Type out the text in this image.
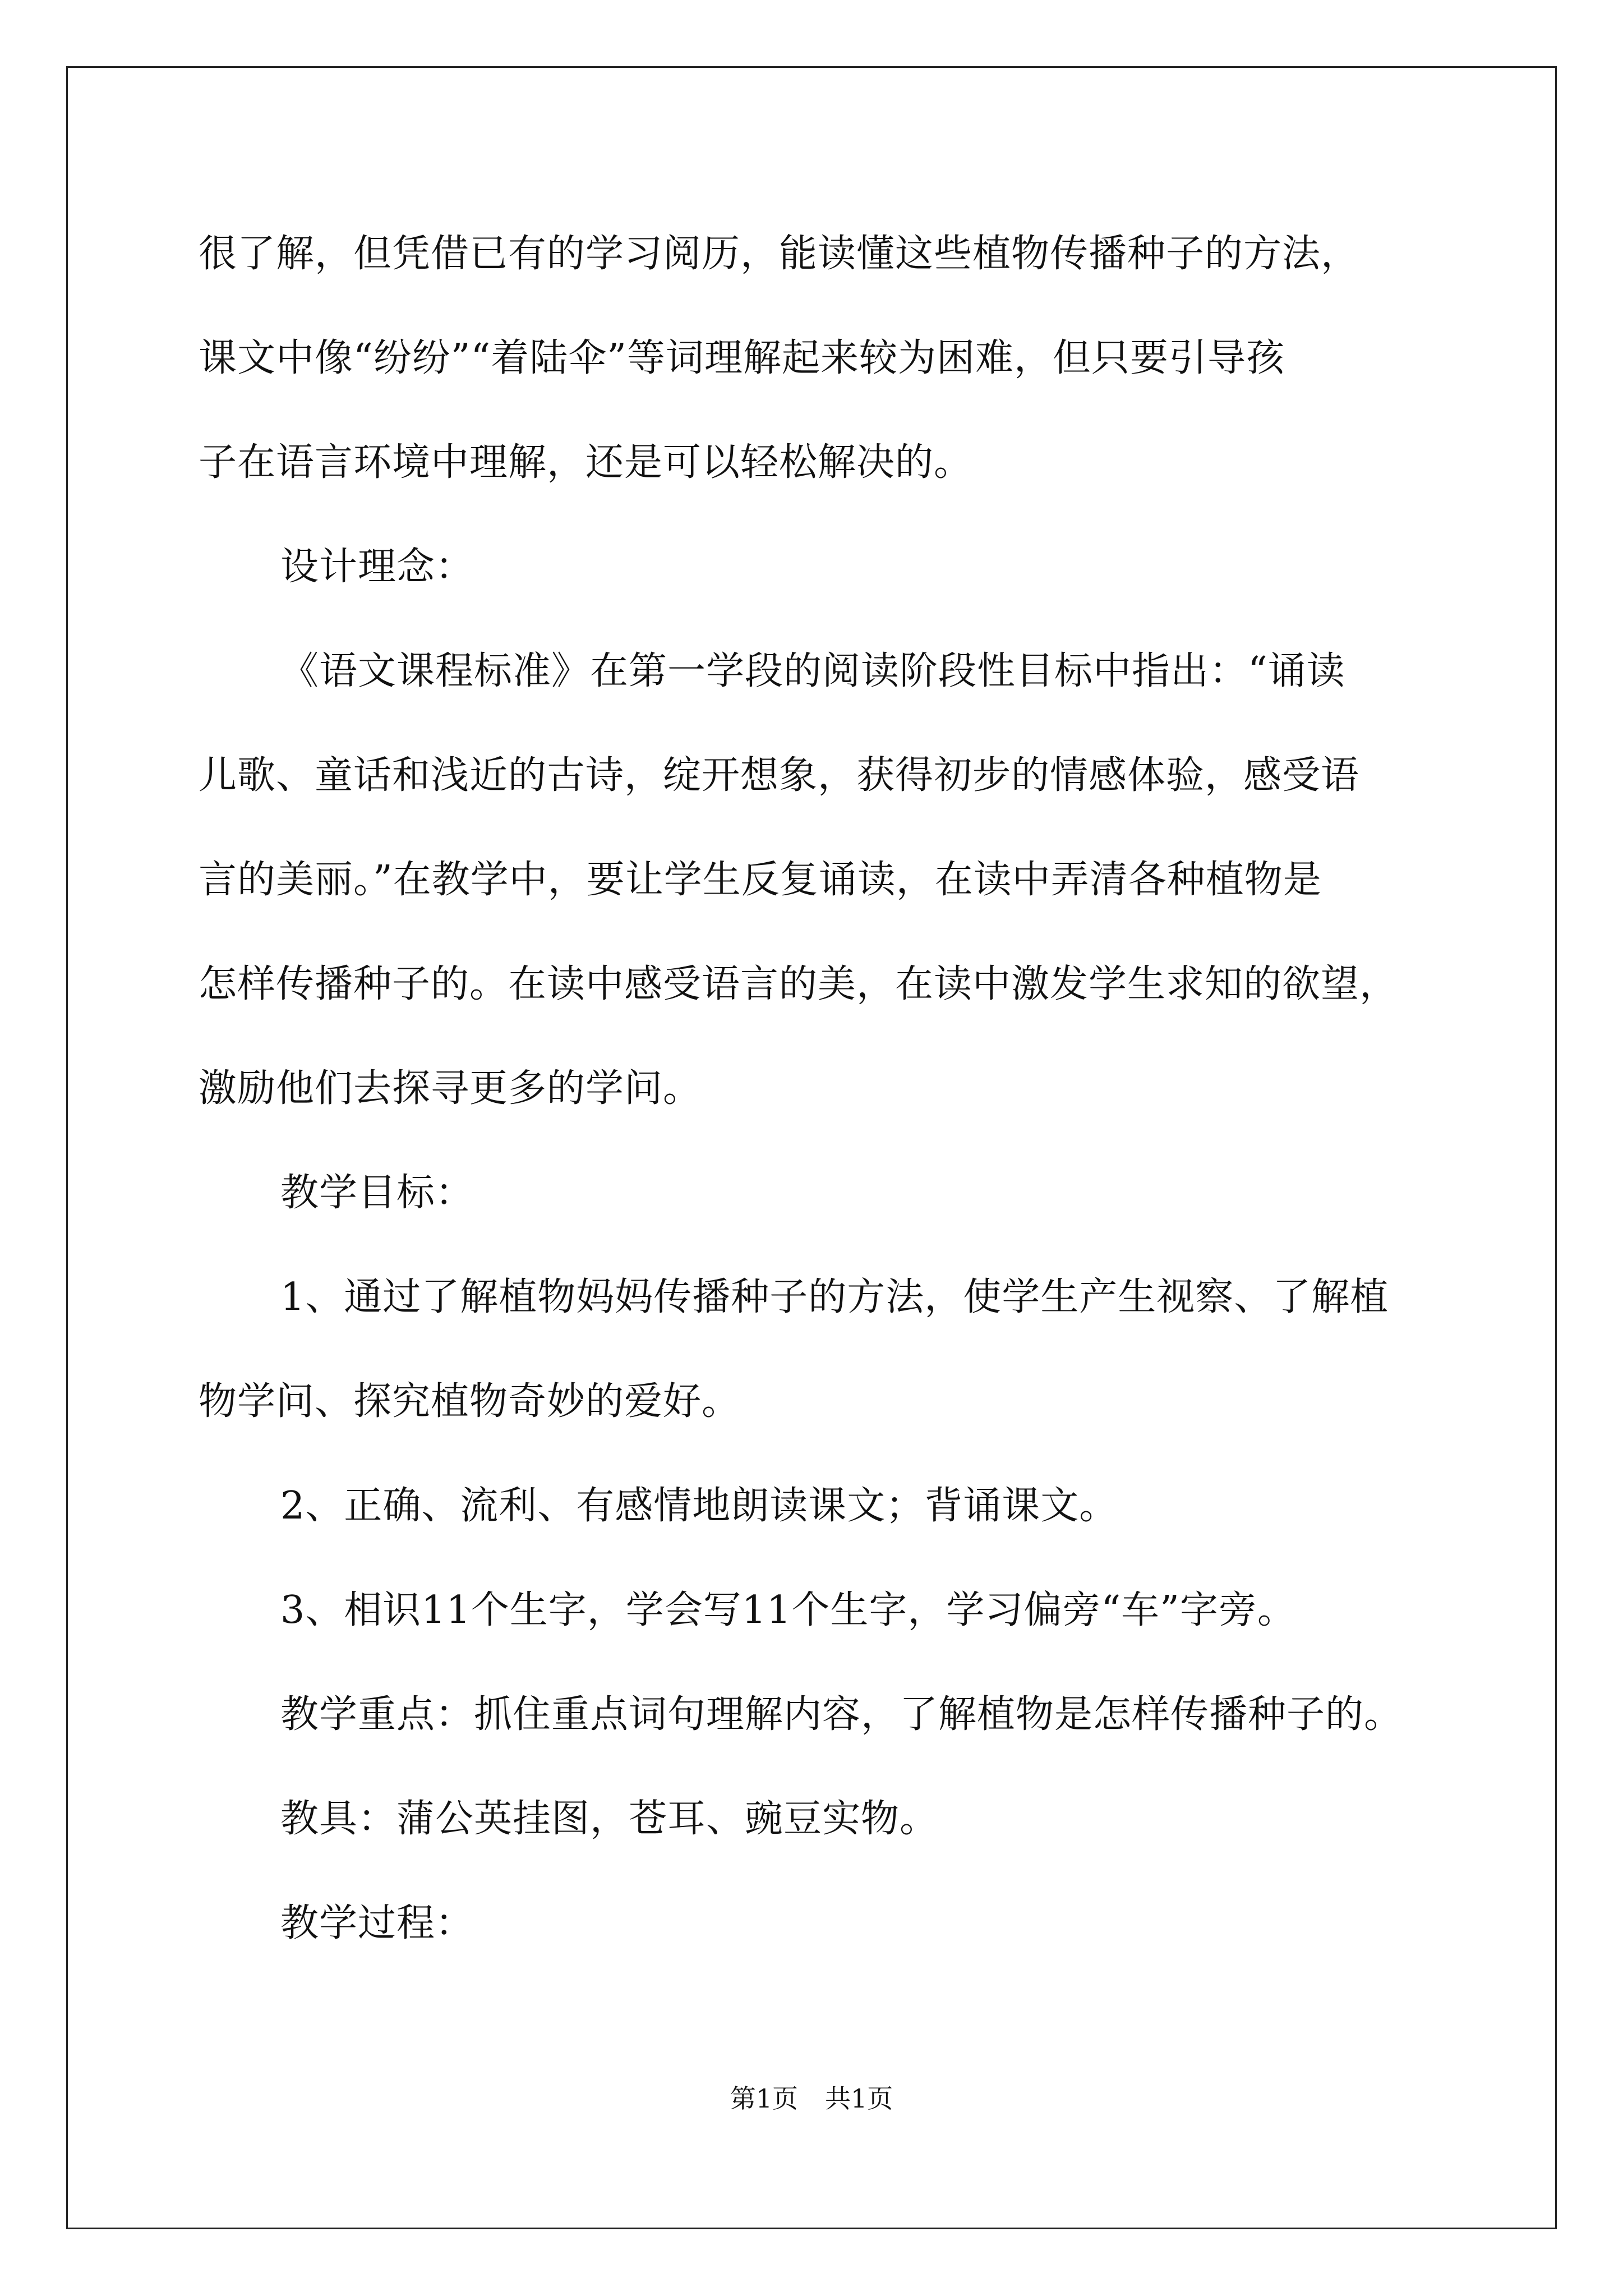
很了解，但凭借已有的学习阅历，能读懂这些植物传播种子的方法，
课文中像“纷纷”“着陆伞”等词理解起来较为困难，但只要引导孩
子在语言环境中理解，还是可以轻松解决的。
设计理念：
《语文课程标准》在第一学段的阅读阶段性目标中指出：“诵读
儿歌、童话和浅近的古诗，绽开想象，获得初步的情感体验，感受语
言的美丽。”在教学中，要让学生反复诵读，在读中弄清各种植物是
怎样传播种子的。在读中感受语言的美，在读中激发学生求知的欲望，
激励他们去探寻更多的学问。
教学目标：
1、通过了解植物妈妈传播种子的方法，使学生产生视察、了解植
物学问、探究植物奇妙的爱好。
2、正确、流利、有感情地朗读课文；背诵课文。
3、相识11个生字，学会写11个生字，学习偏旁“车”字旁。
教学重点：抓住重点词句理解内容，了解植物是怎样传播种子的。
教具：蒲公英挂图，苍耳、豌豆实物。
教学过程：
第1页 共1页
